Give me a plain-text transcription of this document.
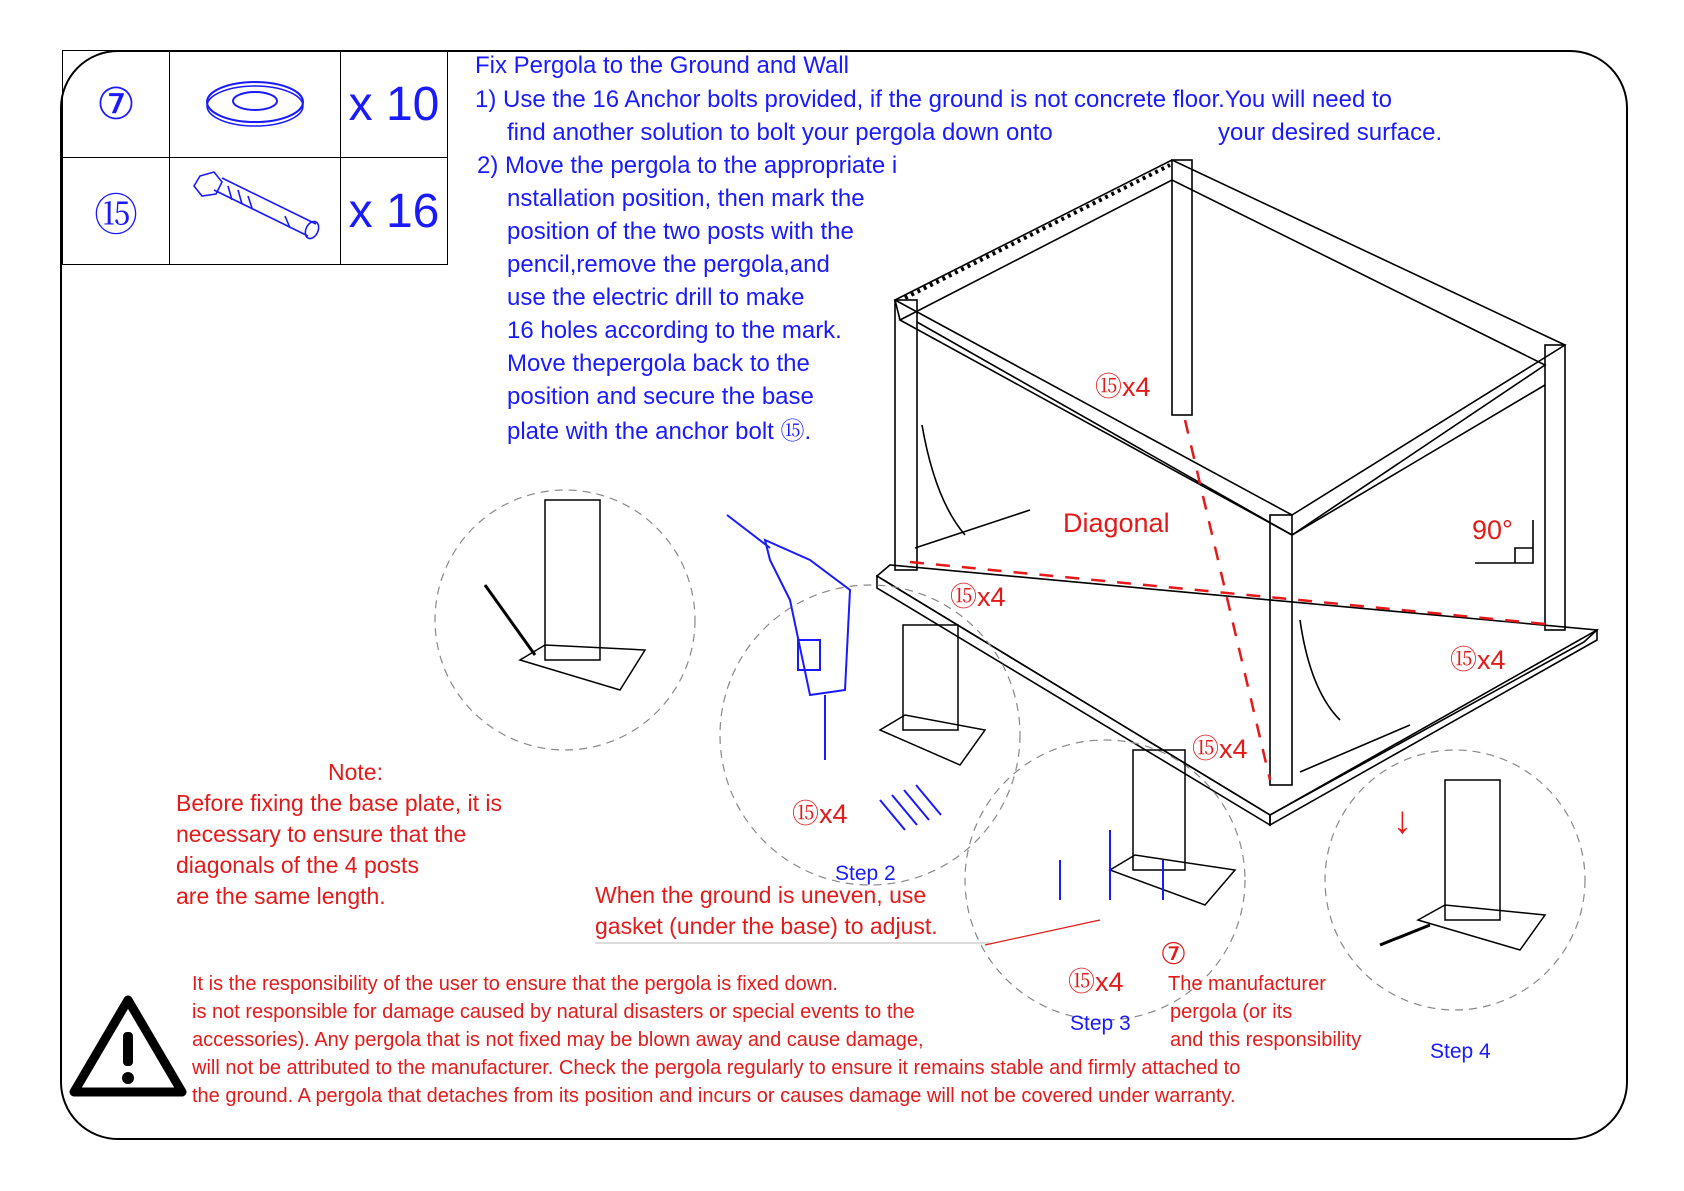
⑦		x 10
⑮		x 16
Fix Pergola to the Ground and Wall
1) Use the 16 Anchor bolts provided, if the ground is not concrete floor.You will need to
find another solution to bolt your pergola down onto	your desired surface.
2) Move the pergola to the appropriate i
nstallation position, then mark the
position of the two posts with the
pencil,remove the pergola,and
use the electric drill to make
16 holes according to the mark.
Move thepergola back to the
position and secure the base
plate with the anchor bolt ⑮.
⑮x4
⑮x4
⑮x4
⑮x4
⑮x4
⑮x4
⑦
Diagonal	90°
↓
Step 2
Step 3
Step 4
Note:
Before fixing the base plate, it is
necessary to ensure that the
diagonals of the 4 posts
are the same length.	When the ground is uneven, use
gasket (under the base) to adjust.
It is the responsibility of the user to ensure that the pergola is fixed down.
is not responsible for damage caused by natural disasters or special events to the
accessories). Any pergola that is not fixed may be blown away and cause damage,
will not be attributed to the manufacturer. Check the pergola regularly to ensure it remains stable and firmly attached to
the ground. A pergola that detaches from its position and incurs or causes damage will not be covered under warranty.
The manufacturer
pergola (or its
and this responsibility
